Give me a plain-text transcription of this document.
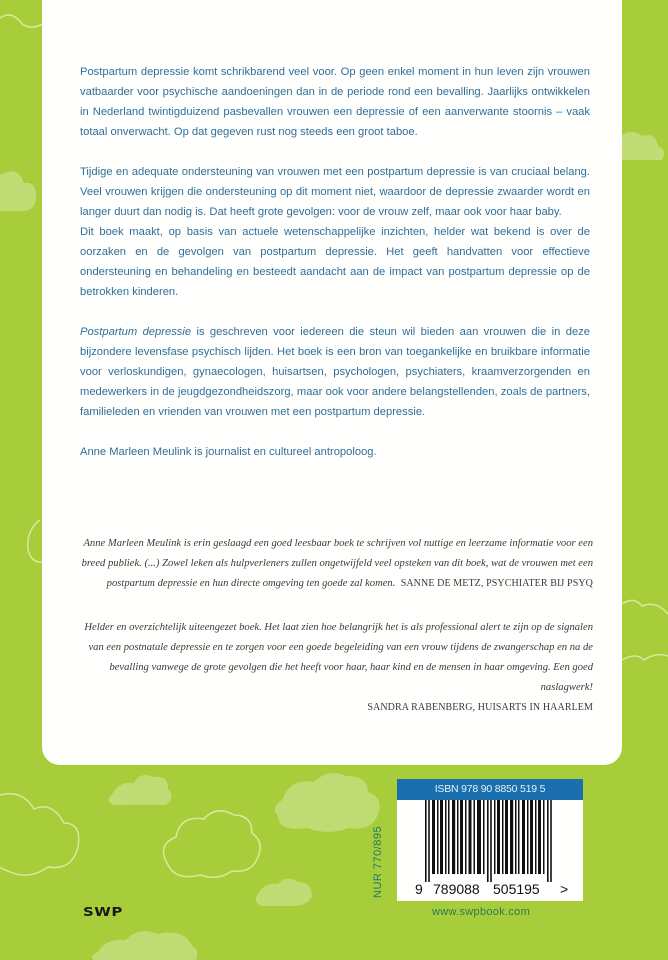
Postpartum depressie komt schrikbarend veel voor. Op geen enkel moment in hun leven zijn vrouwen vatbaarder voor psychische aandoeningen dan in de periode rond een bevalling. Jaarlijks ontwikkelen in Nederland twintigduizend pasbevallen vrouwen een depressie of een aanverwante stoornis – vaak totaal onverwacht. Op dat gegeven rust nog steeds een groot taboe.

Tijdige en adequate ondersteuning van vrouwen met een postpartum depressie is van cruciaal belang. Veel vrouwen krijgen die ondersteuning op dit moment niet, waardoor de depressie zwaarder wordt en langer duurt dan nodig is. Dat heeft grote gevolgen: voor de vrouw zelf, maar ook voor haar baby.

Dit boek maakt, op basis van actuele wetenschappelijke inzichten, helder wat bekend is over de oorzaken en de gevolgen van postpartum depressie. Het geeft handvatten voor effectieve ondersteuning en behandeling en besteedt aandacht aan de impact van postpartum depressie op de betrokken kinderen.

Postpartum depressie is geschreven voor iedereen die steun wil bieden aan vrouwen die in deze bijzondere levensfase psychisch lijden. Het boek is een bron van toegankelijke en bruikbare informatie voor verloskundigen, gynaecologen, huisartsen, psychologen, psychiaters, kraamverzorgenden en medewerkers in de jeugdgezondheidszorg, maar ook voor andere belangstellenden, zoals de partners, familieleden en vrienden van vrouwen met een postpartum depressie.

Anne Marleen Meulink is journalist en cultureel antropoloog.

Anne Marleen Meulink is erin geslaagd een goed leesbaar boek te schrijven vol nuttige en leerzame informatie voor een breed publiek. (...) Zowel leken als hulpverleners zullen ongetwijfeld veel opsteken van dit boek, wat de vrouwen met een postpartum depressie en hun directe omgeving ten goede zal komen. SANNE DE METZ, PSYCHIATER BIJ PSYQ

Helder en overzichtelijk uiteengezet boek. Het laat zien hoe belangrijk het is als professional alert te zijn op de signalen van een postnatale depressie en te zorgen voor een goede begeleiding van een vrouw tijdens de zwangerschap en na de bevalling vanwege de grote gevolgen die het heeft voor haar, haar kind en de mensen in haar omgeving. Een goed naslagwerk!

SANDRA RABENBERG, HUISARTS IN HAARLEM

NUR 770/895
ISBN 978 90 8850 519 5
9 789088 505195 >
SWP	www.swpbook.com
